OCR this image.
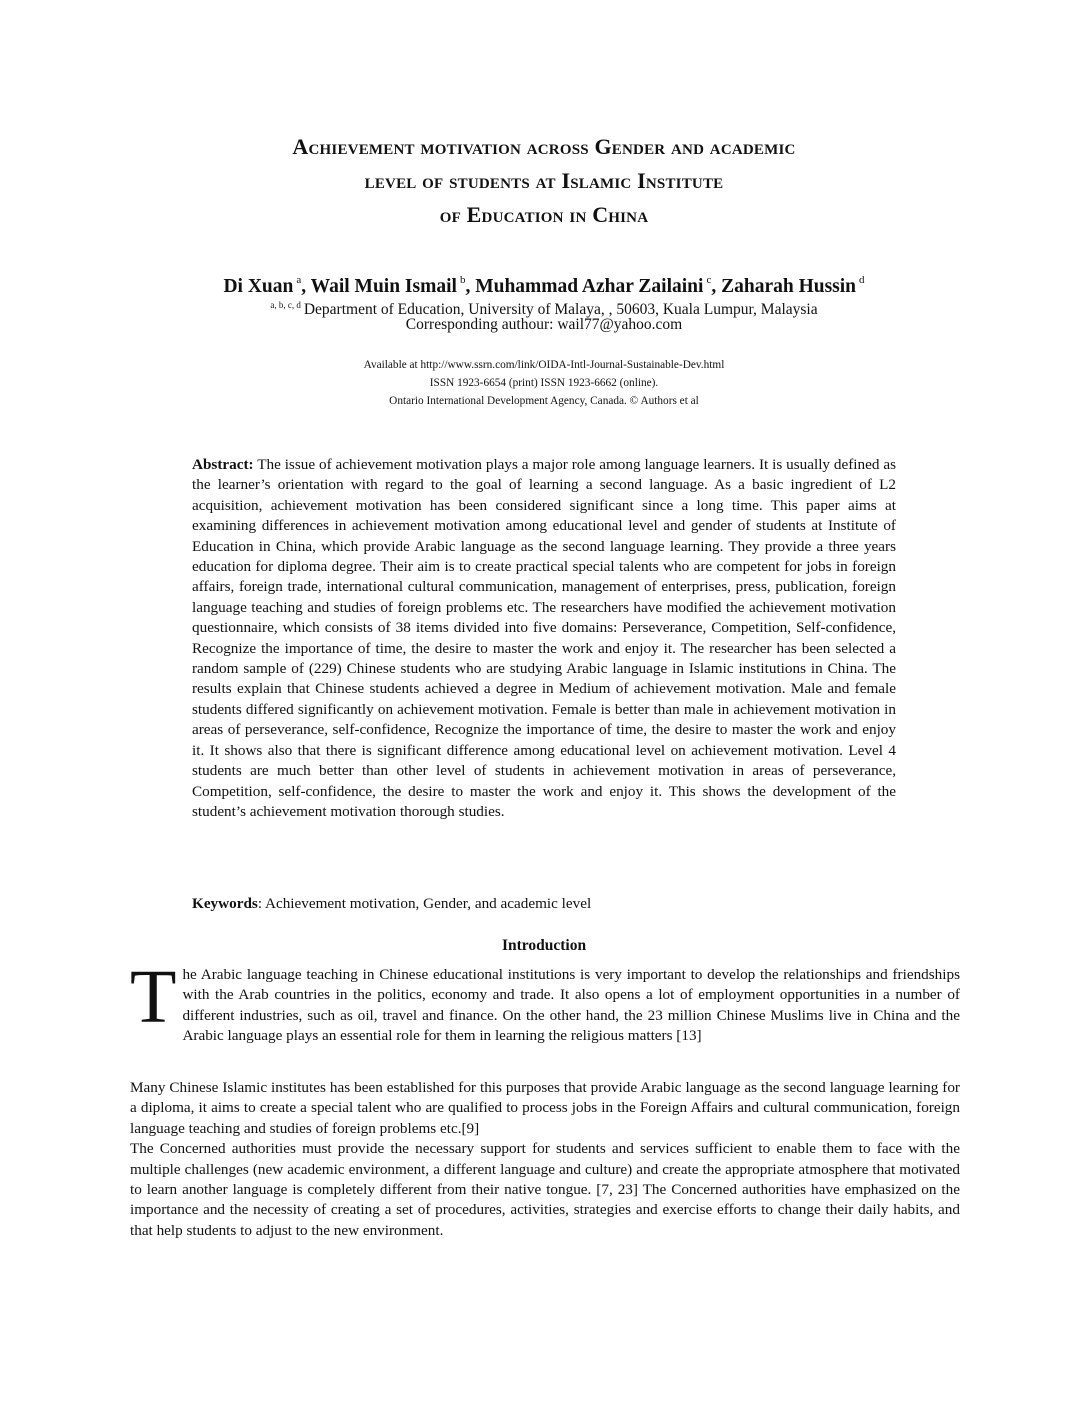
Achievement motivation across Gender and academic
level of students at Islamic Institute
of Education in China
Di Xuan $^a$, Wail Muin Ismail $^b$, Muhammad Azhar Zailaini $^c$, Zaharah Hussin $^d$
$^{a, b, c, d}$ Department of Education, University of Malaya, , 50603, Kuala Lumpur, Malaysia
Corresponding authour: wail77@yahoo.com
Available at http://www.ssrn.com/link/OIDA-Intl-Journal-Sustainable-Dev.html
ISSN 1923-6654 (print) ISSN 1923-6662 (online).
Ontario International Development Agency, Canada. © Authors et al
Abstract: The issue of achievement motivation plays a major role among language learners. It is usually defined as the learner’s orientation with regard to the goal of learning a second language. As a basic ingredient of L2 acquisition, achievement motivation has been considered significant since a long time. This paper aims at examining differences in achievement motivation among educational level and gender of students at Institute of Education in China, which provide Arabic language as the second language learning. They provide a three years education for diploma degree. Their aim is to create practical special talents who are competent for jobs in foreign affairs, foreign trade, international cultural communication, management of enterprises, press, publication, foreign language teaching and studies of foreign problems etc. The researchers have modified the achievement motivation questionnaire, which consists of 38 items divided into five domains: Perseverance, Competition, Self-confidence, Recognize the importance of time, the desire to master the work and enjoy it. The researcher has been selected a random sample of (229) Chinese students who are studying Arabic language in Islamic institutions in China. The results explain that Chinese students achieved a degree in Medium of achievement motivation. Male and female students differed significantly on achievement motivation. Female is better than male in achievement motivation in areas of perseverance, self-confidence, Recognize the importance of time, the desire to master the work and enjoy it. It shows also that there is significant difference among educational level on achievement motivation. Level 4 students are much better than other level of students in achievement motivation in areas of perseverance, Competition, self-confidence, the desire to master the work and enjoy it. This shows the development of the student’s achievement motivation thorough studies.
Keywords: Achievement motivation, Gender, and academic level
Introduction
T he Arabic language teaching in Chinese educational institutions is very important to develop the relationships and friendships with the Arab countries in the politics, economy and trade. It also opens a lot of employment opportunities in a number of different industries, such as oil, travel and finance. On the other hand, the 23 million Chinese Muslims live in China and the Arabic language plays an essential role for them in learning the religious matters [13]

Many Chinese Islamic institutes has been established for this purposes that provide Arabic language as the second language learning for a diploma, it aims to create a special talent who are qualified to process jobs in the Foreign Affairs and cultural communication, foreign language teaching and studies of foreign problems etc.[9]

The Concerned authorities must provide the necessary support for students and services sufficient to enable them to face with the multiple challenges (new academic environment, a different language and culture) and create the appropriate atmosphere that motivated to learn another language is completely different from their native tongue. [7, 23] The Concerned authorities have emphasized on the importance and the necessity of creating a set of procedures, activities, strategies and exercise efforts to change their daily habits, and that help students to adjust to the new environment.
